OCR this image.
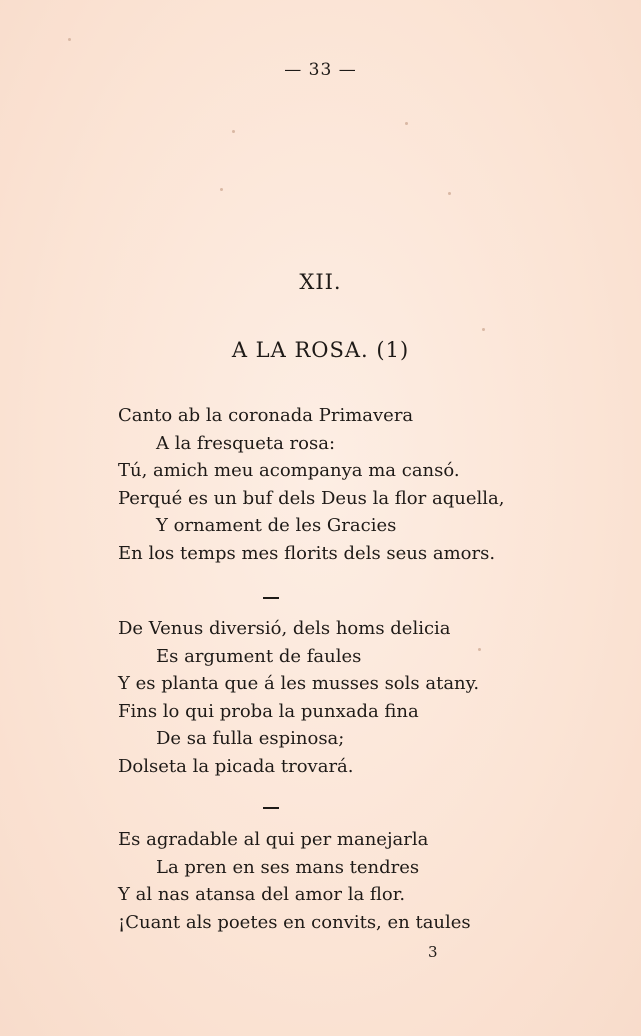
— 33 —
XII.
A LA ROSA. (1)
Canto ab la coronada Primavera
A la fresqueta rosa:
Tú, amich meu acompanya ma cansó.
Perqué es un buf dels Deus la flor aquella,
Y ornament de les Gracies
En los temps mes florits dels seus amors.
De Venus diversió, dels homs delicia
Es argument de faules
Y es planta que á les musses sols atany.
Fins lo qui proba la punxada fina
De sa fulla espinosa;
Dolseta la picada trovará.
Es agradable al qui per manejarla
La pren en ses mans tendres
Y al nas atansa del amor la flor.
¡Cuant als poetes en convits, en taules
3
